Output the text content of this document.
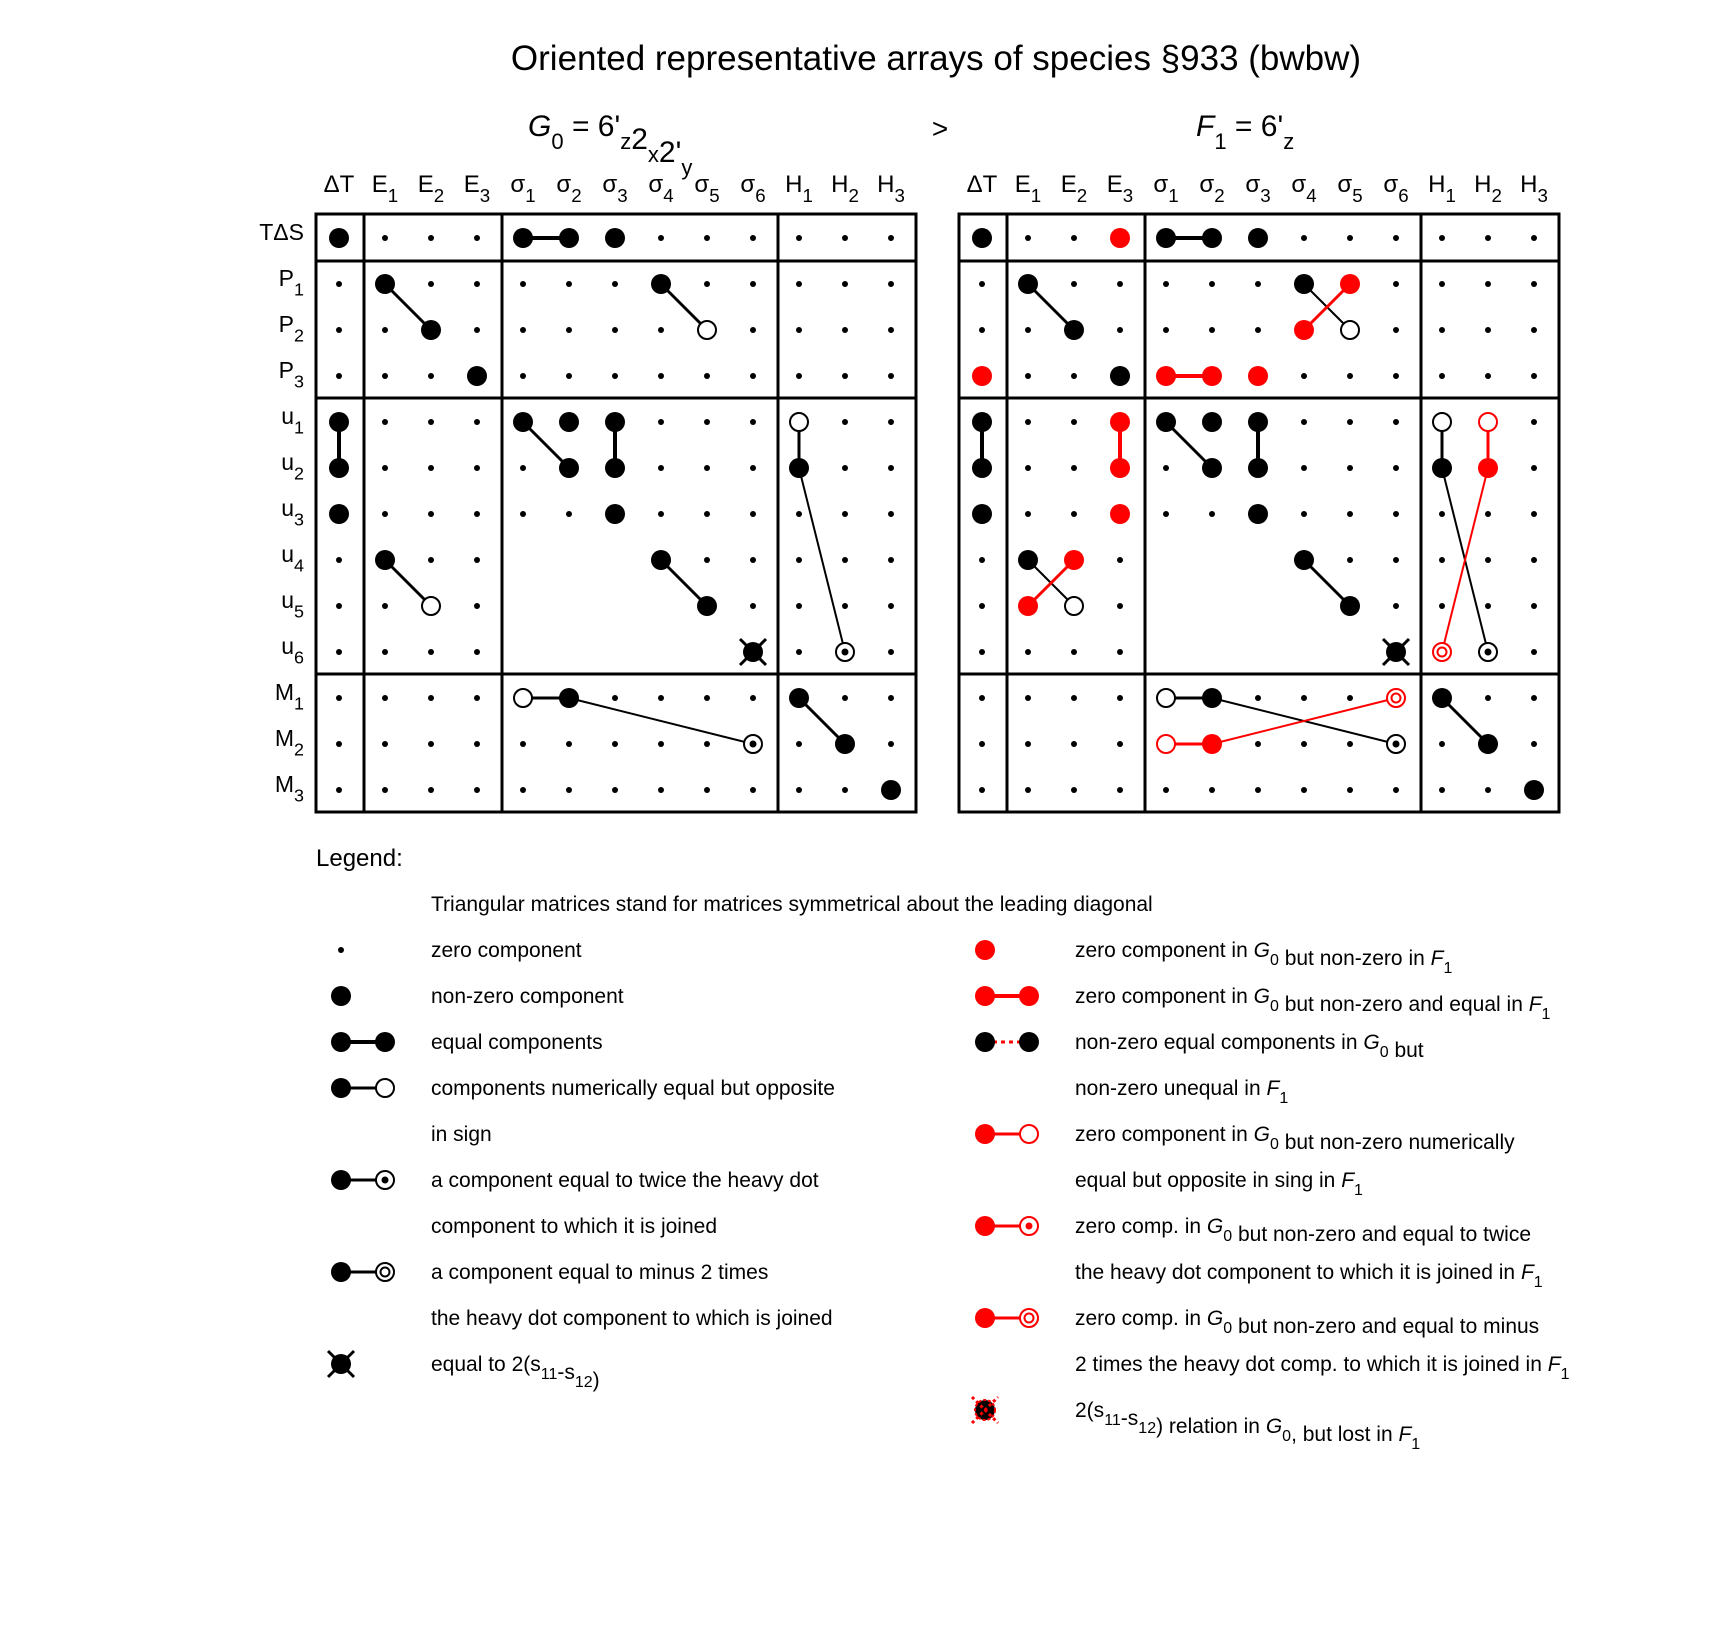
Oriented representative arrays of species §933 (bwbw)
>
$G_0 = 6'_z2_x2'_y$
ΔT $E_1$ $E_2$ $E_3$ $\sigma_1$ $\sigma_2$ $\sigma_3$ $\sigma_4$ $\sigma_5$ $\sigma_6$ $H_1$ $H_2$ $H_3$
TΔS
$P_1$
$P_2$
$P_3$
$u_1$
$u_2$
$u_3$
$u_4$
$u_5$
$u_6$
$M_1$
$M_2$
$M_3$
$F_1 = 6'_z$
ΔT $E_1$ $E_2$ $E_3$ $\sigma_1$ $\sigma_2$ $\sigma_3$ $\sigma_4$ $\sigma_5$ $\sigma_6$ $H_1$ $H_2$ $H_3$
Legend:
Triangular matrices stand for matrices symmetrical about the leading diagonal
zero component
non-zero component
equal components
components numerically equal but opposite
in sign
a component equal to twice the heavy dot
component to which it is joined
a component equal to minus 2 times
the heavy dot component to which is joined
equal to $2(s_{11}-s_{12})$
zero component in $G_0$ but non-zero in $F_1$
zero component in $G_0$ but non-zero and equal in $F_1$
non-zero equal components in $G_0$ but
non-zero unequal in $F_1$
zero component in $G_0$ but non-zero numerically
equal but opposite in sing in $F_1$
zero comp. in $G_0$ but non-zero and equal to twice
the heavy dot component to which it is joined in $F_1$
zero comp. in $G_0$ but non-zero and equal to minus
2 times the heavy dot comp. to which it is joined in $F_1$
$2(s_{11}-s_{12})$ relation in $G_0$, but lost in $F_1$
